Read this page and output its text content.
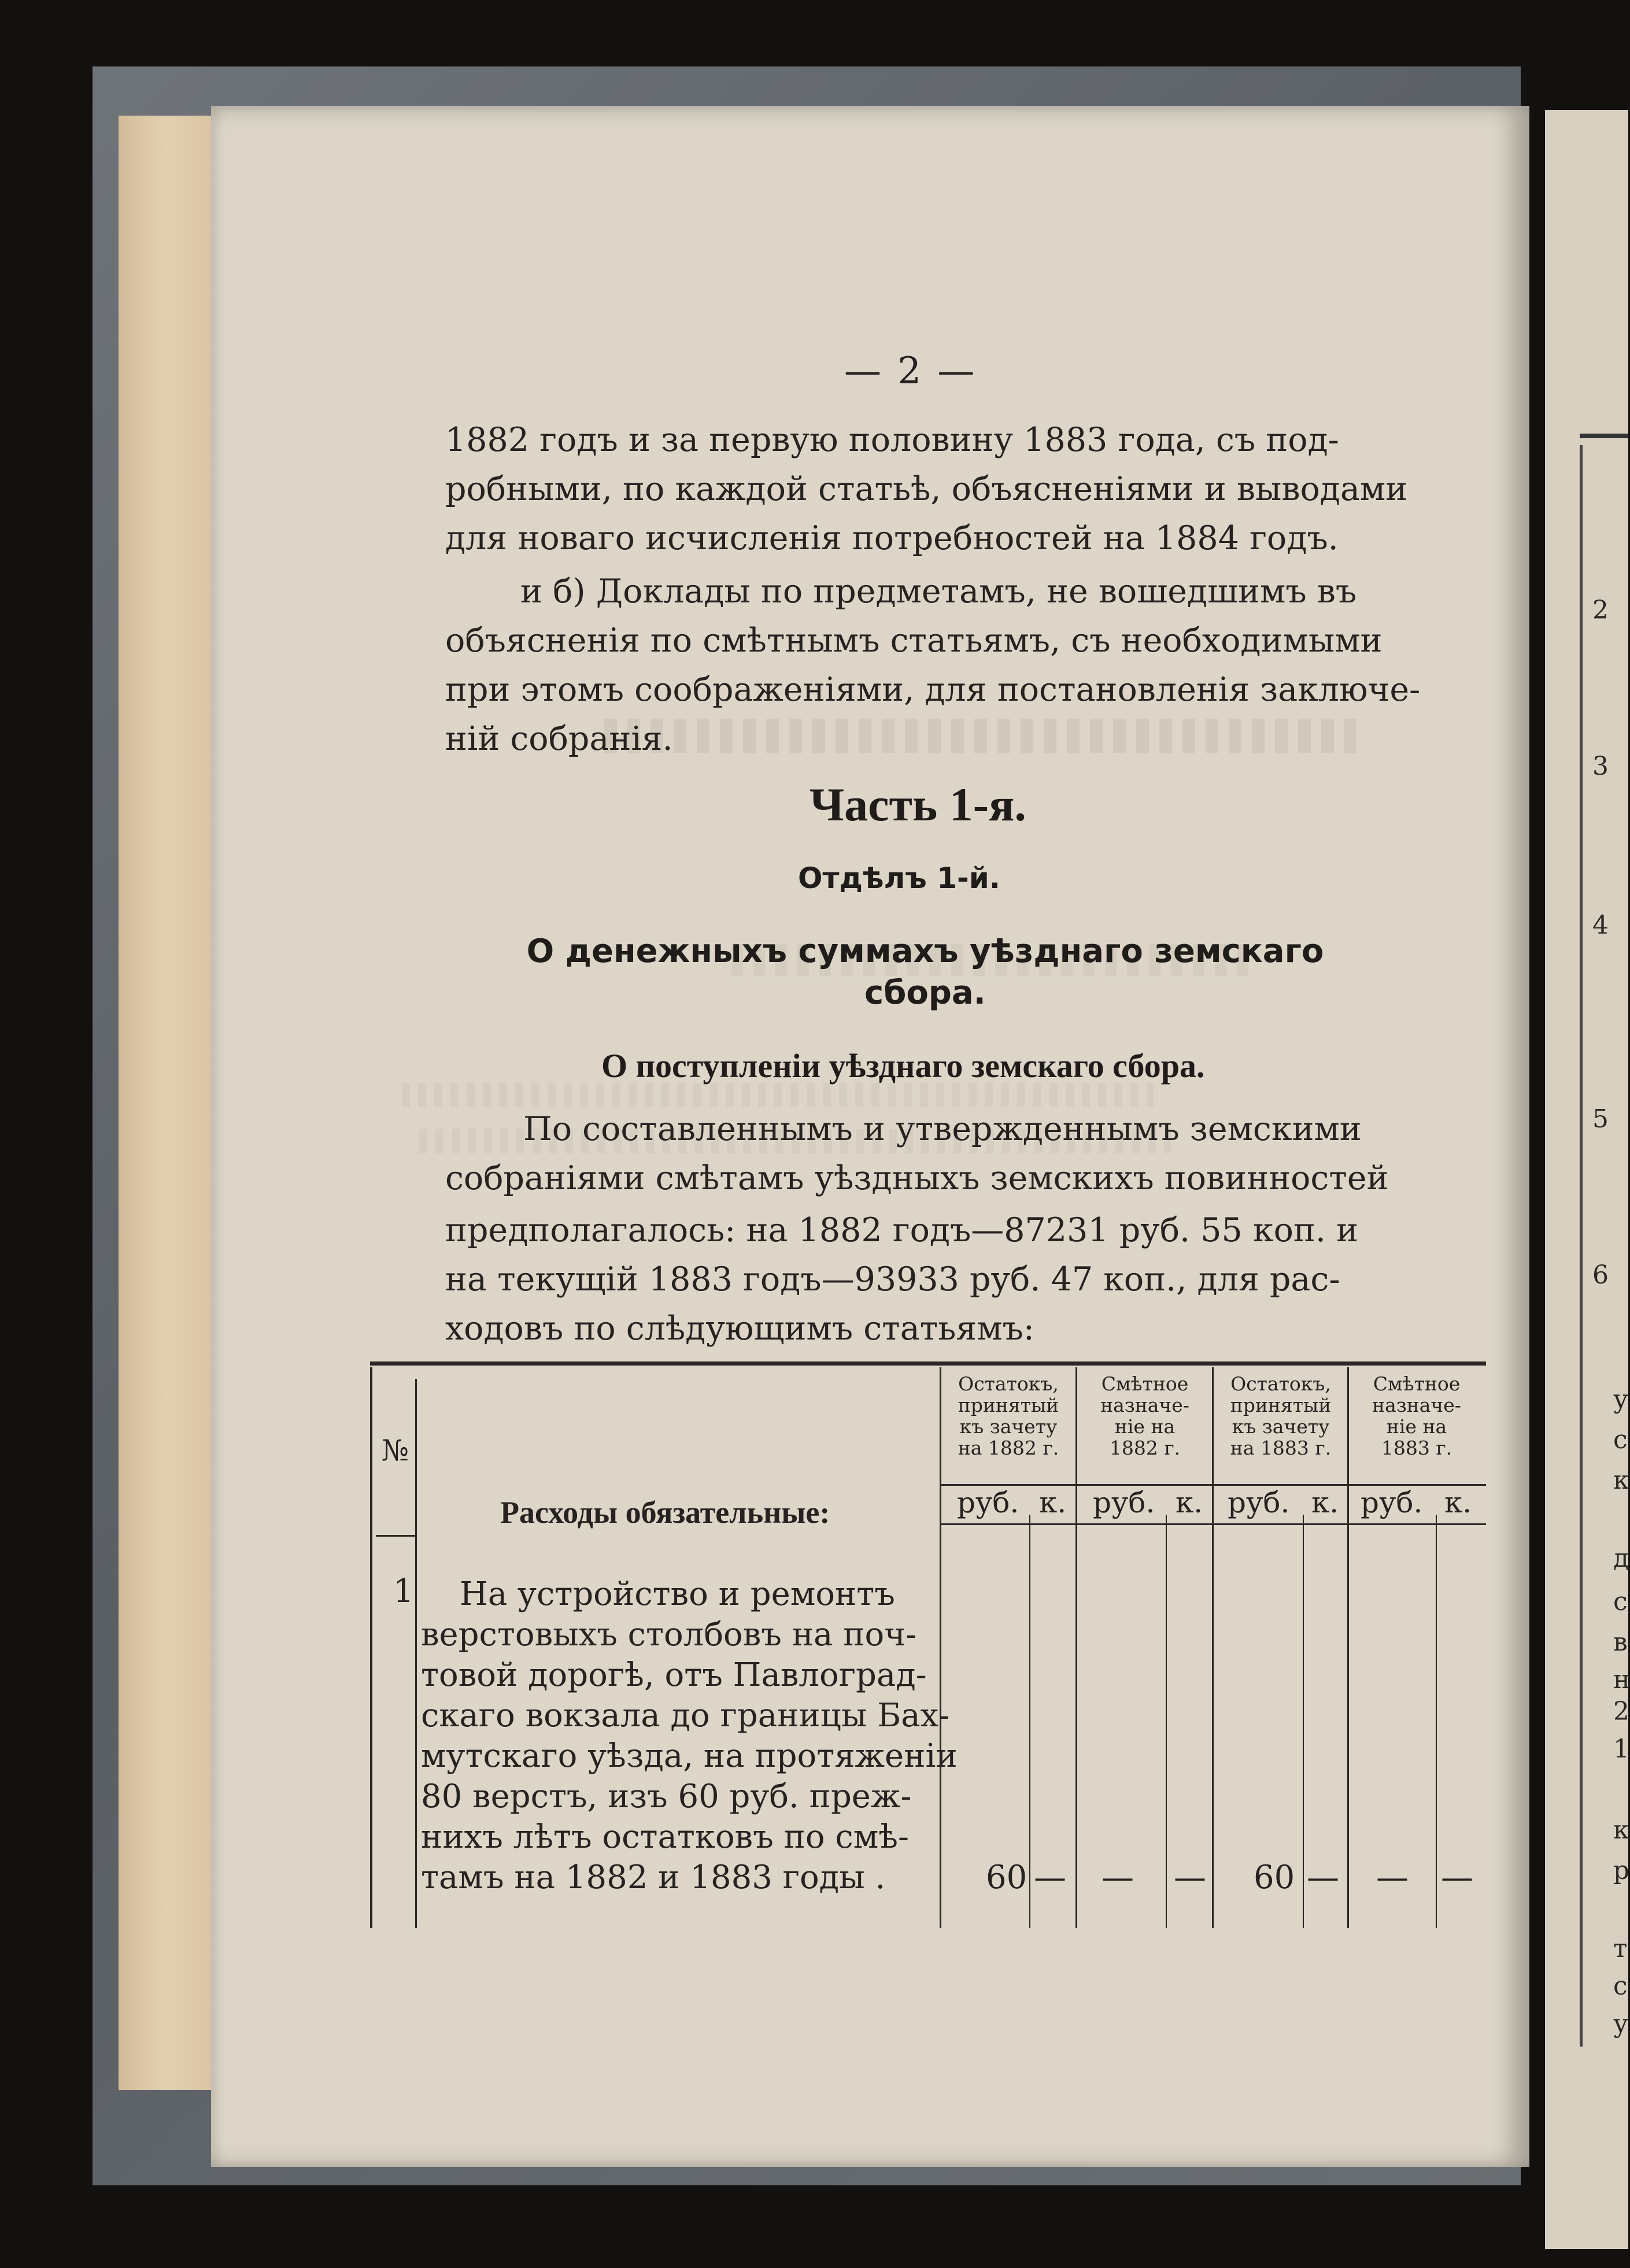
2
3
4
5
6
у
с
к
д
с
в
н
2
1
к
р
т
с
у
— 2 —
1882 годъ и за первую половину 1883 года, съ под-
робными, по каждой статьѣ, объясненіями и выводами
для новаго исчисленія потребностей на 1884 годъ.
и б) Доклады по предметамъ, не вошедшимъ въ
объясненія по смѣтнымъ статьямъ, съ необходимыми
при этомъ соображеніями, для постановленія заключе-
ній собранія.
Часть 1-я.
Отдѣлъ 1-й.
О денежныхъ суммахъ уѣзднаго земскаго
сбора.
О поступленіи уѣзднаго земскаго сбора.
По составленнымъ и утвержденнымъ земскими
собраніями смѣтамъ уѣздныхъ земскихъ повинностей
предполагалось: на 1882 годъ—87231 руб. 55 коп. и
на текущій 1883 годъ—93933 руб. 47 коп., для рас-
ходовъ по слѣдующимъ статьямъ:
№
Остатокъ,
принятый
къ зачету
на 1882 г.
Смѣтное
назначе-
ніе на
1882 г.
Остатокъ,
принятый
къ зачету
на 1883 г.
Смѣтное
назначе-
ніе на
1883 г.
руб. к. руб. к. руб. к. руб. к.
Расходы обязательные:
1 На устройство и ремонтъ
верстовыхъ столбовъ на поч-
товой дорогѣ, отъ Павлоград-
скаго вокзала до границы Бах-
мутскаго уѣзда, на протяженіи
80 верстъ, изъ 60 руб. преж-
нихъ лѣтъ остатковъ по смѣ-
тамъ на 1882 и 1883 годы .	60 — — — 60 — — —
